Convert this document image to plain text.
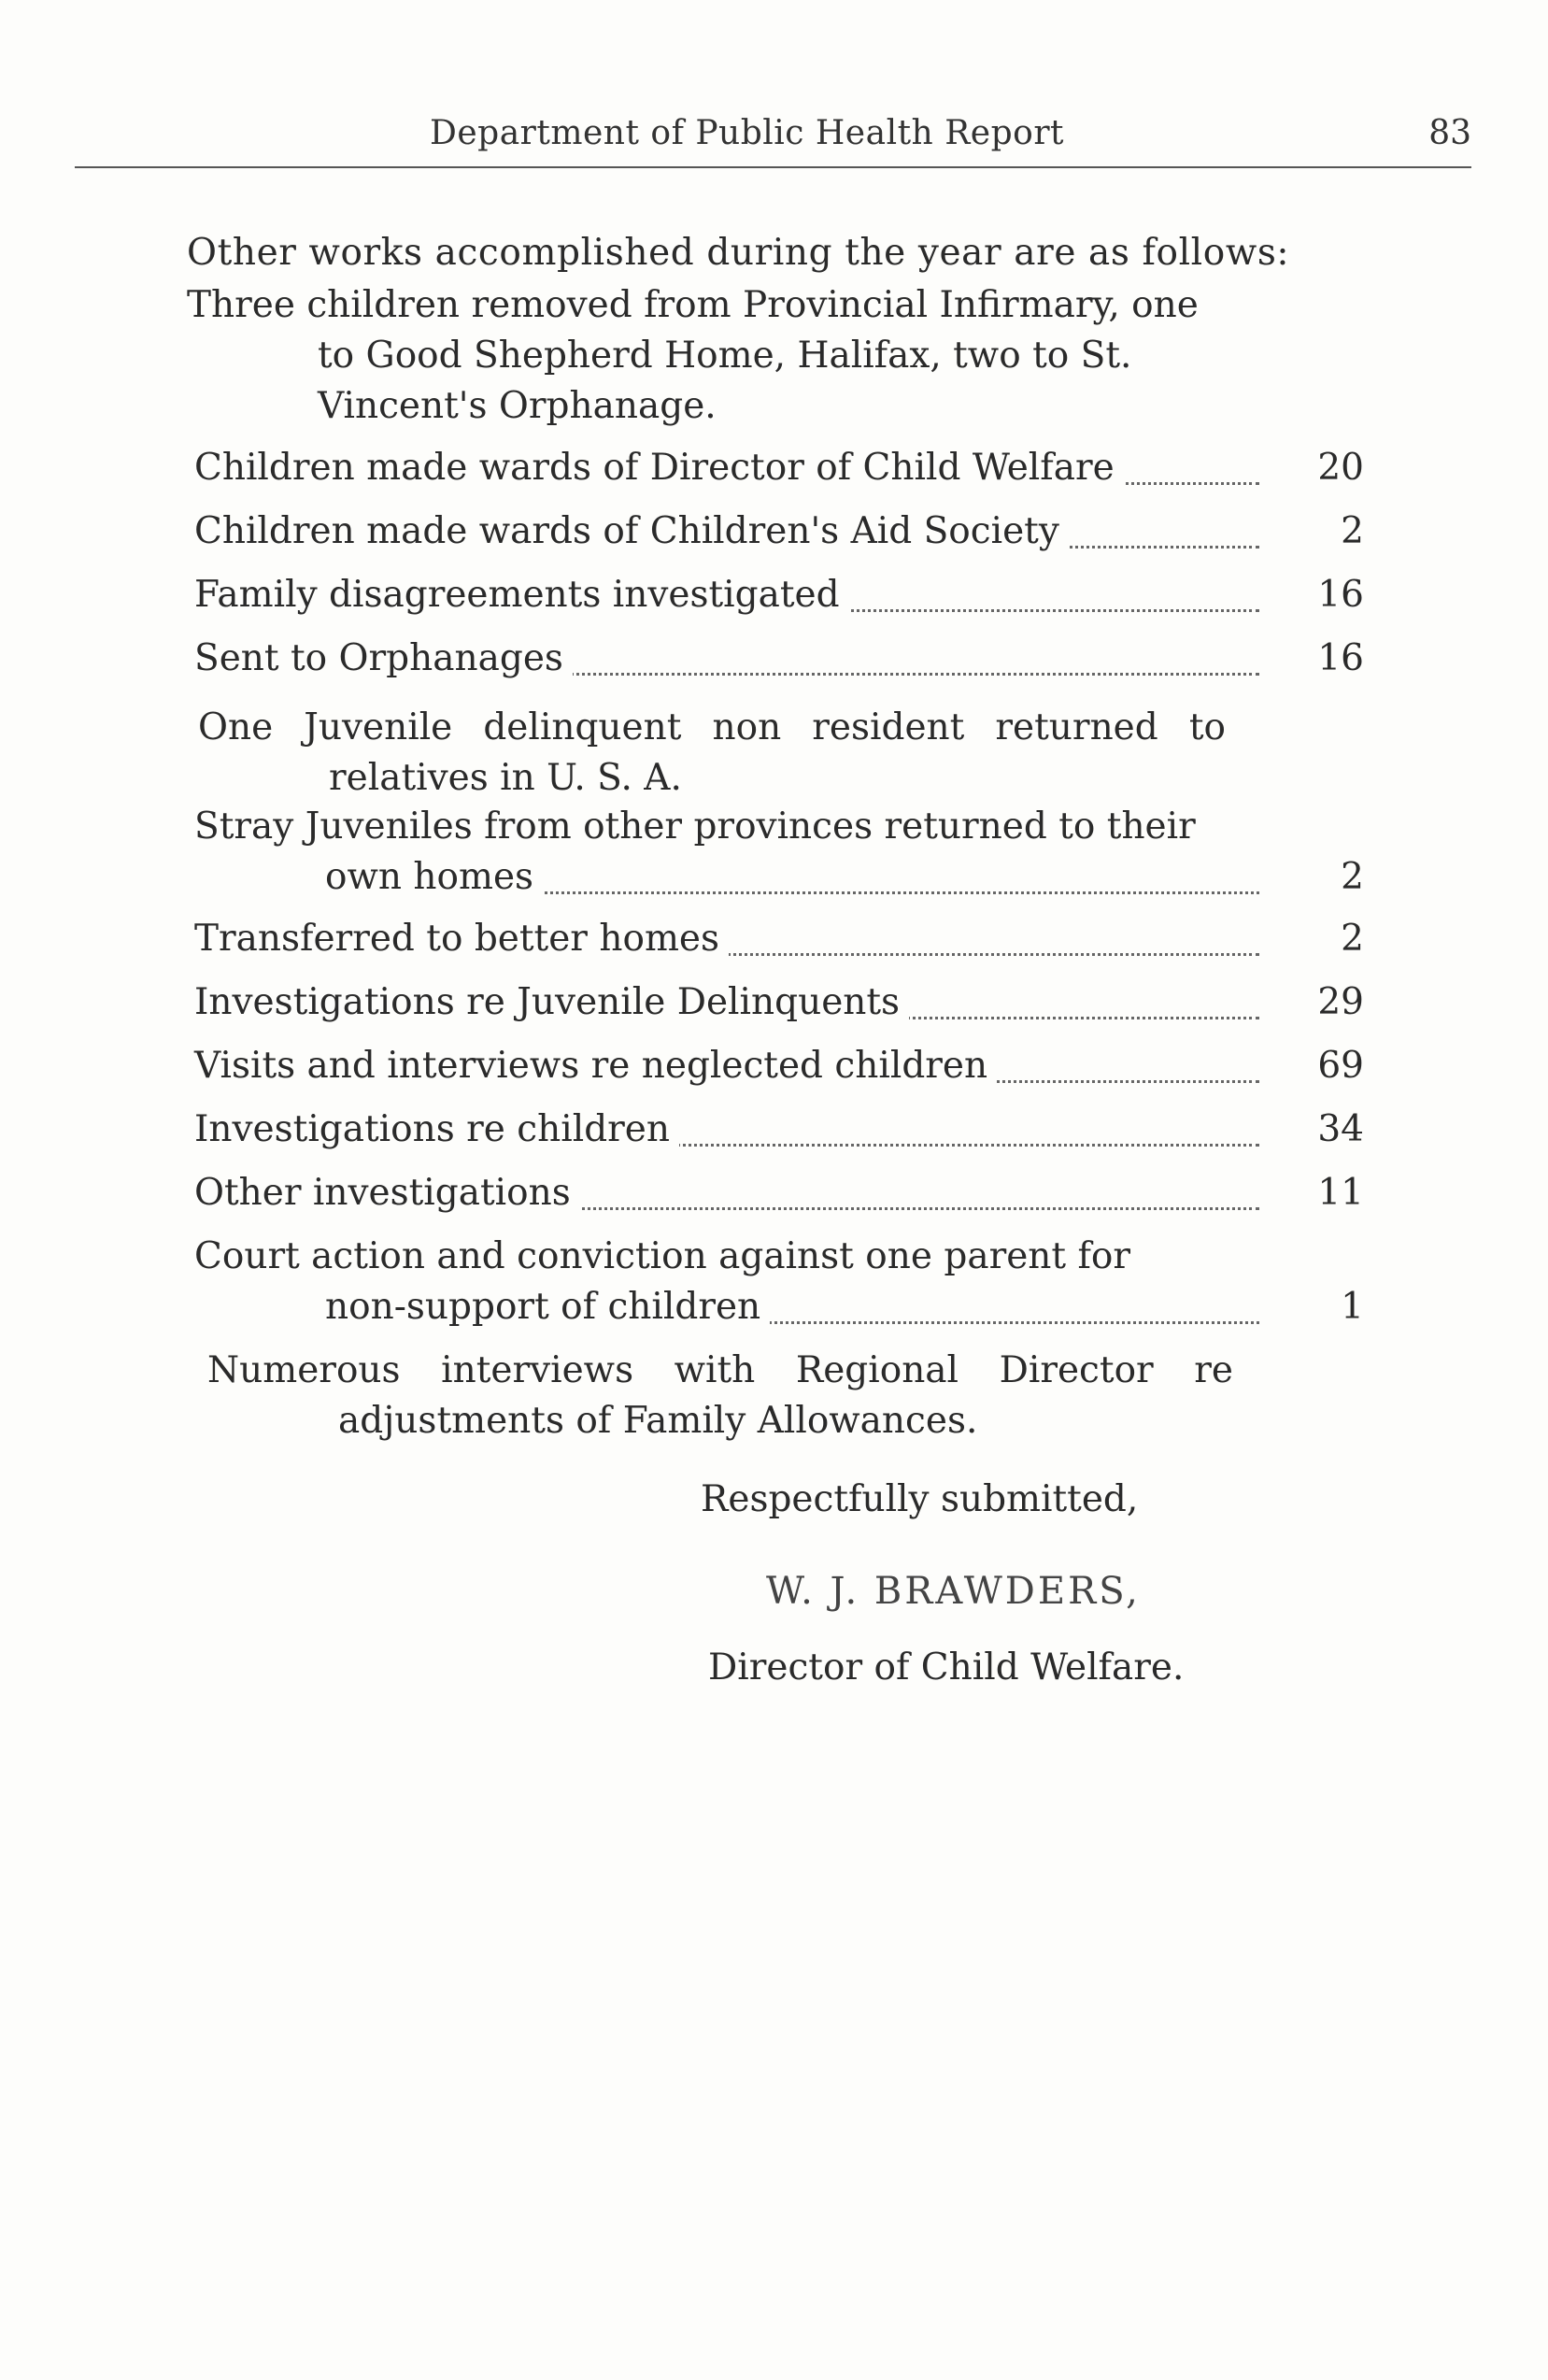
Department of Public Health Report	83
Other works accomplished during the year are as follows:
Three children removed from Provincial Infirmary, one
to Good Shepherd Home, Halifax, two to St.
Vincent's Orphanage.
Children made wards of Director of Child Welfare	20
Children made wards of Children's Aid Society	2
Family disagreements investigated	16
Sent to Orphanages	16
One Juvenile delinquent non resident returned to
relatives in U. S. A.
Stray Juveniles from other provinces returned to their
own homes	2
Transferred to better homes	2
Investigations re Juvenile Delinquents	29
Visits and interviews re neglected children	69
Investigations re children	34
Other investigations	11
Court action and conviction against one parent for
non-support of children	1
Numerous interviews with Regional Director re
adjustments of Family Allowances.
Respectfully submitted,
W. J. BRAWDERS,
Director of Child Welfare.
